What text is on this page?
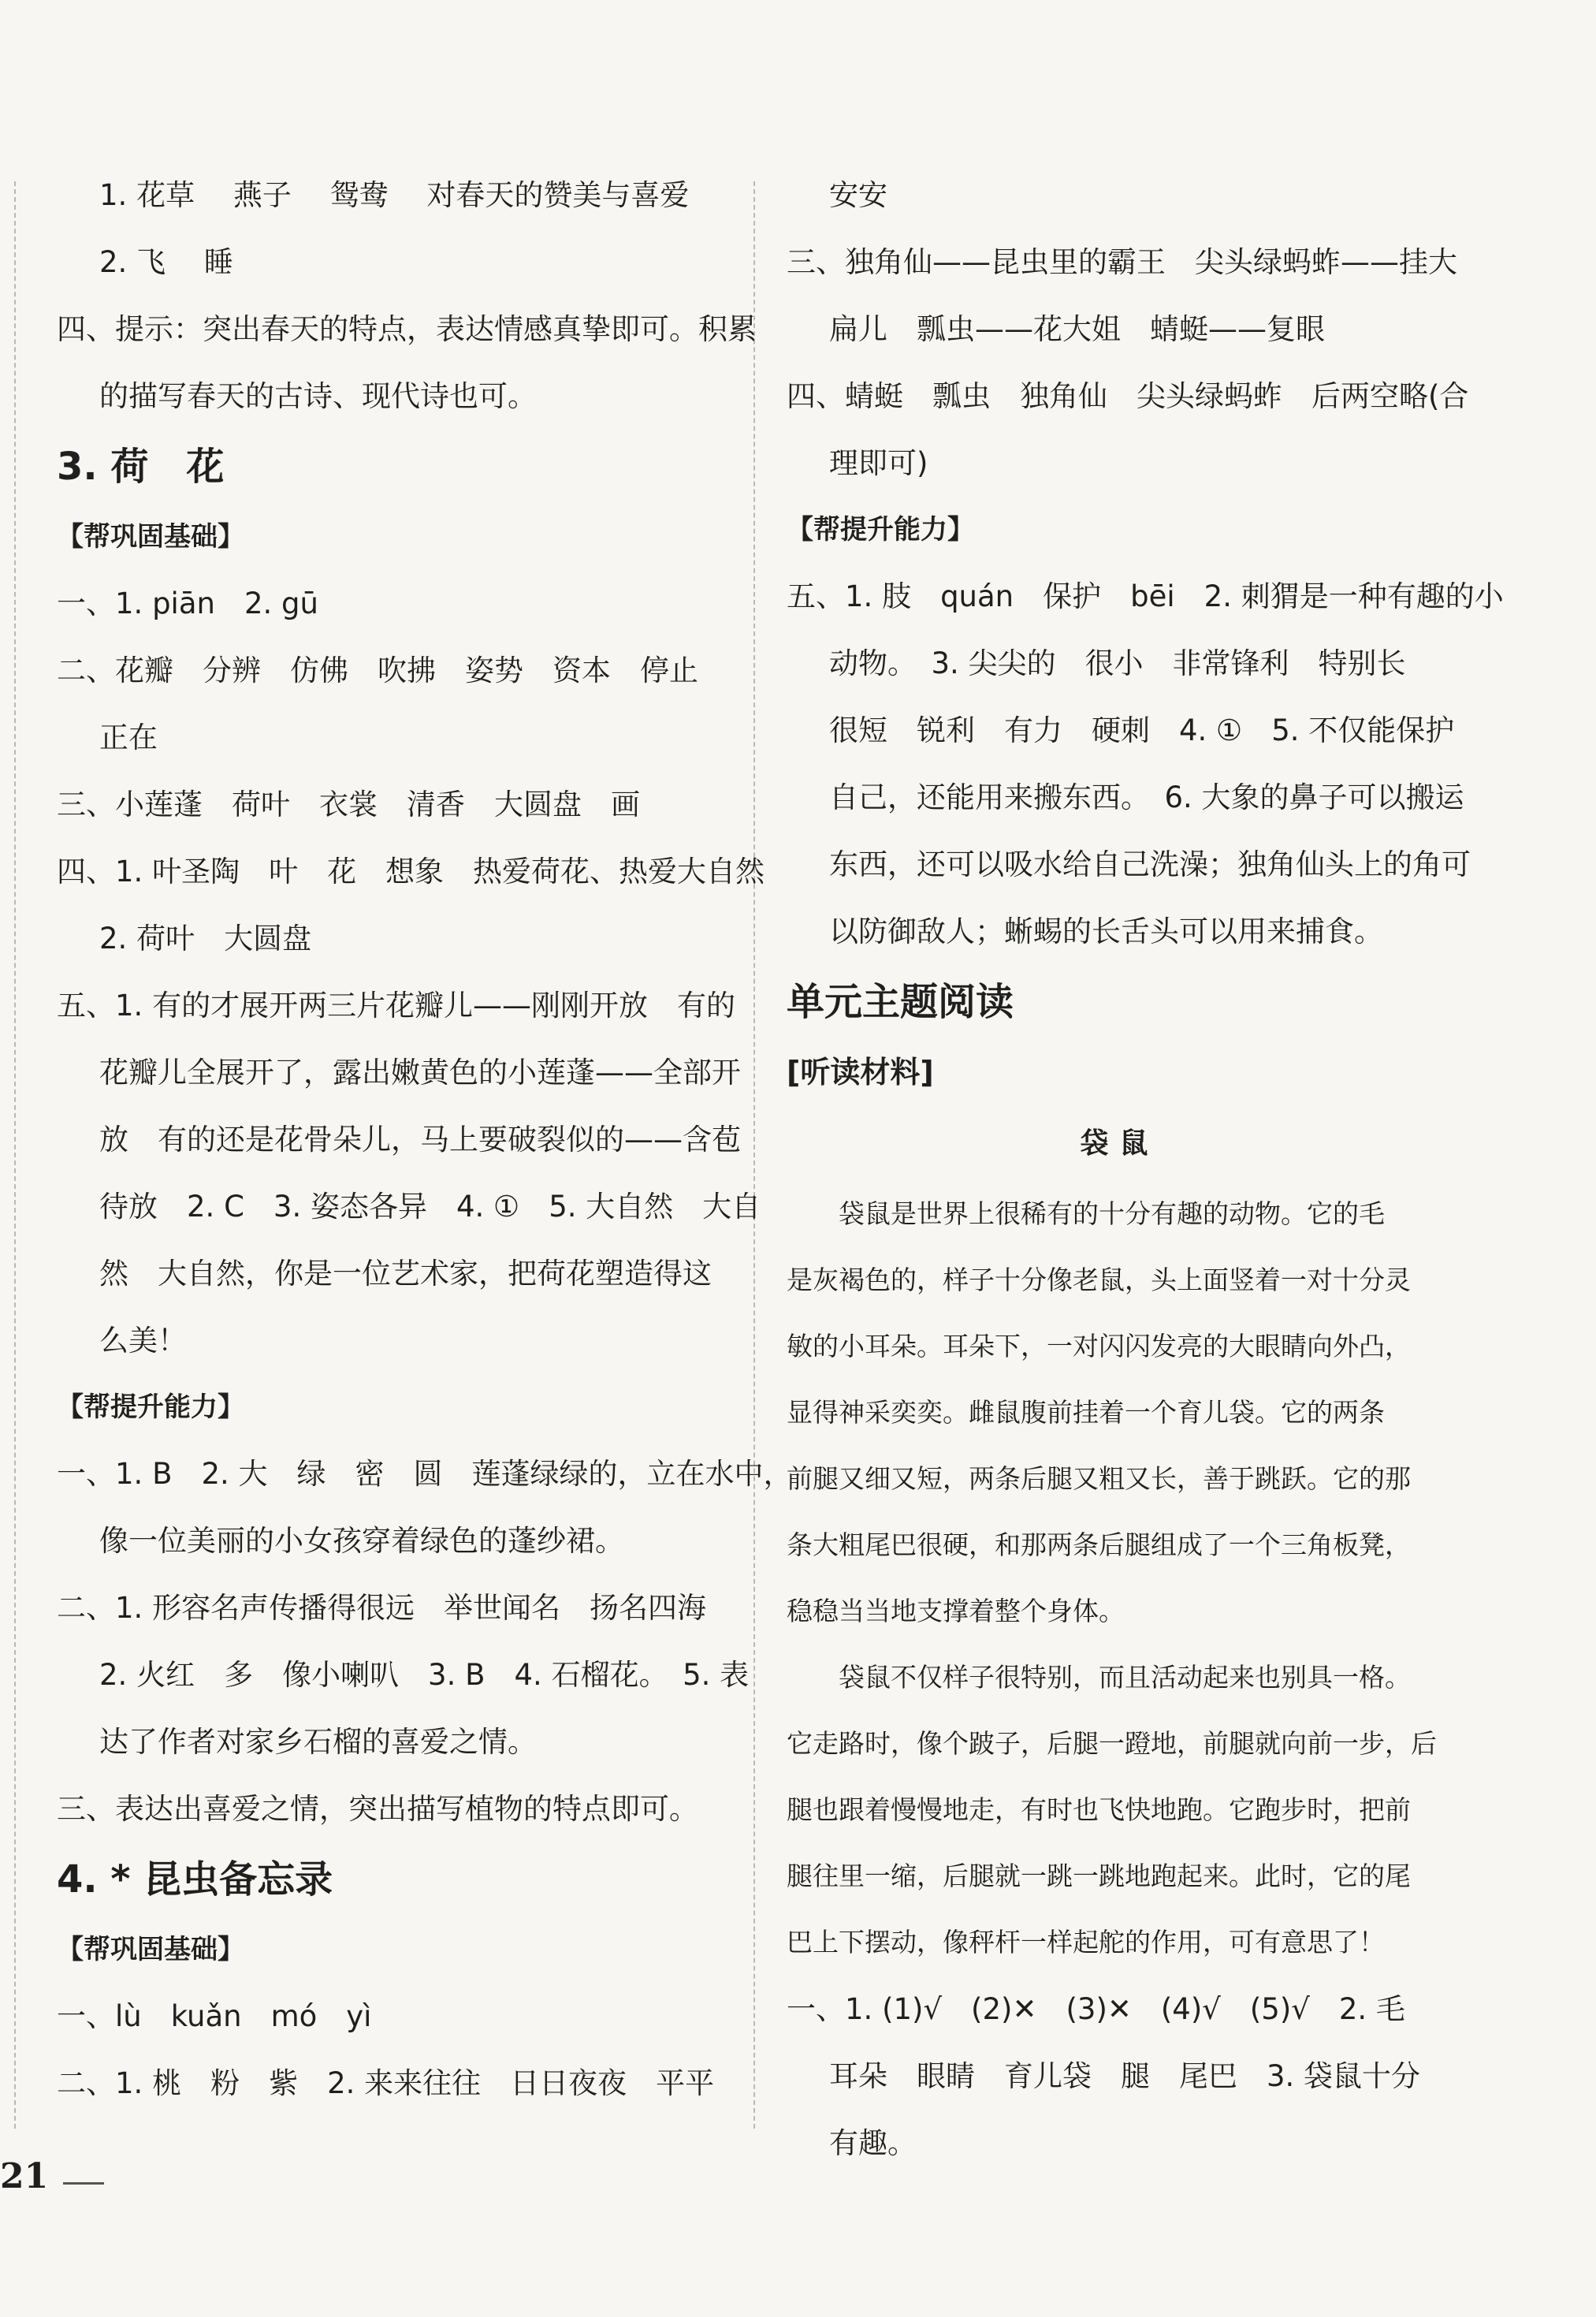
1. 花草　 燕子　 鸳鸯　 对春天的赞美与喜爱
2. 飞　 睡
四、提示：突出春天的特点，表达情感真挚即可。积累
的描写春天的古诗、现代诗也可。
3. 荷　花
【帮巩固基础】
一、1. piān　2. gū
二、花瓣　分辨　仿佛　吹拂　姿势　资本　停止
正在
三、小莲蓬　荷叶　衣裳　清香　大圆盘　画
四、1. 叶圣陶　叶　花　想象　热爱荷花、热爱大自然
2. 荷叶　大圆盘
五、1. 有的才展开两三片花瓣儿——刚刚开放　有的
花瓣儿全展开了，露出嫩黄色的小莲蓬——全部开
放　有的还是花骨朵儿，马上要破裂似的——含苞
待放　2. C　3. 姿态各异　4. ①　5. 大自然　大自
然　大自然，你是一位艺术家，把荷花塑造得这
么美！
【帮提升能力】
一、1. B　2. 大　绿　密　圆　莲蓬绿绿的，立在水中，
像一位美丽的小女孩穿着绿色的蓬纱裙。
二、1. 形容名声传播得很远　举世闻名　扬名四海
2. 火红　多　像小喇叭　3. B　4. 石榴花。　5. 表
达了作者对家乡石榴的喜爱之情。
三、表达出喜爱之情，突出描写植物的特点即可。
4. * 昆虫备忘录
【帮巩固基础】
一、lù　kuǎn　mó　yì
二、1. 桃　粉　紫　2. 来来往往　日日夜夜　平平
安安
三、独角仙——昆虫里的霸王　尖头绿蚂蚱——挂大
扁儿　瓢虫——花大姐　蜻蜓——复眼
四、蜻蜓　瓢虫　独角仙　尖头绿蚂蚱　后两空略(合
理即可)
【帮提升能力】
五、1. 肢　quán　保护　bēi　2. 刺猬是一种有趣的小
动物。　3. 尖尖的　很小　非常锋利　特别长
很短　锐利　有力　硬刺　4. ①　5. 不仅能保护
自己，还能用来搬东西。　6. 大象的鼻子可以搬运
东西，还可以吸水给自己洗澡；独角仙头上的角可
以防御敌人；蜥蜴的长舌头可以用来捕食。
单元主题阅读
[听读材料]
袋鼠
袋鼠是世界上很稀有的十分有趣的动物。它的毛
是灰褐色的，样子十分像老鼠，头上面竖着一对十分灵
敏的小耳朵。耳朵下，一对闪闪发亮的大眼睛向外凸，
显得神采奕奕。雌鼠腹前挂着一个育儿袋。它的两条
前腿又细又短，两条后腿又粗又长，善于跳跃。它的那
条大粗尾巴很硬，和那两条后腿组成了一个三角板凳，
稳稳当当地支撑着整个身体。
袋鼠不仅样子很特别，而且活动起来也别具一格。
它走路时，像个跛子，后腿一蹬地，前腿就向前一步，后
腿也跟着慢慢地走，有时也飞快地跑。它跑步时，把前
腿往里一缩，后腿就一跳一跳地跑起来。此时，它的尾
巴上下摆动，像秤杆一样起舵的作用，可有意思了！
一、1. (1)√　(2)✕　(3)✕　(4)√　(5)√　2. 毛
耳朵　眼睛　育儿袋　腿　尾巴　3. 袋鼠十分
有趣。
21
